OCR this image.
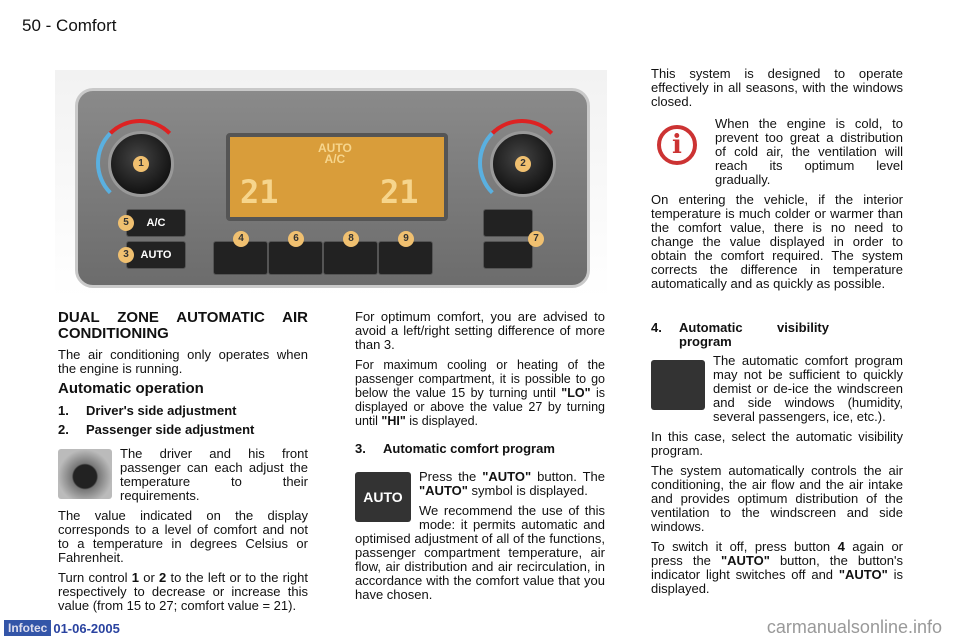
50 - Comfort
1	2
AUTO
A/C
21	21
A/C
5
AUTO
3
4	6	8	9	7
DUAL ZONE AUTOMATIC AIR CONDITIONING

The air conditioning only operates when the engine is running.

Automatic operation
1.	Driver's side adjustment
2.	Passenger side adjustment

The driver and his front passenger can each adjust the temperature to their requirements.

The value indicated on the display corresponds to a level of comfort and not to a temperature in degrees Celsius or Fahrenheit.

Turn control 1 or 2 to the left or to the right respectively to decrease or increase this value (from 15 to 27; comfort value = 21).

For optimum comfort, you are advised to avoid a left/right setting difference of more than 3.

For maximum cooling or heating of the passenger compartment, it is possible to go below the value 15 by turning until "LO" is displayed or above the value 27 by turning until "HI" is displayed.

3.	Automatic comfort program

AUTO
Press the "AUTO" button. The "AUTO" symbol is displayed.

We recommend the use of this mode: it permits automatic and optimised adjustment of all of the functions, passenger compartment temperature, air flow, air distribution and air recirculation, in accordance with the comfort value that you have chosen.

This system is designed to operate effectively in all seasons, with the windows closed.

i
When the engine is cold, to prevent too great a distribution of cold air, the ventilation will reach its optimum level gradually.

On entering the vehicle, if the interior temperature is much colder or warmer than the comfort value, there is no need to change the value displayed in order to obtain the comfort required. The system corrects the difference in temperature automatically and as quickly as possible.

4.	Automatic visibility program

The automatic comfort program may not be sufficient to quickly demist or de-ice the windscreen and side windows (humidity, several passengers, ice, etc.).

In this case, select the automatic visibility program.

The system automatically controls the air conditioning, the air flow and the air intake and provides optimum distribution of the ventilation to the windscreen and side windows.

To switch it off, press button 4 again or press the "AUTO" button, the button's indicator light switches off and "AUTO" is displayed.

Infotec 01-06-2005	carmanualsonline.info
